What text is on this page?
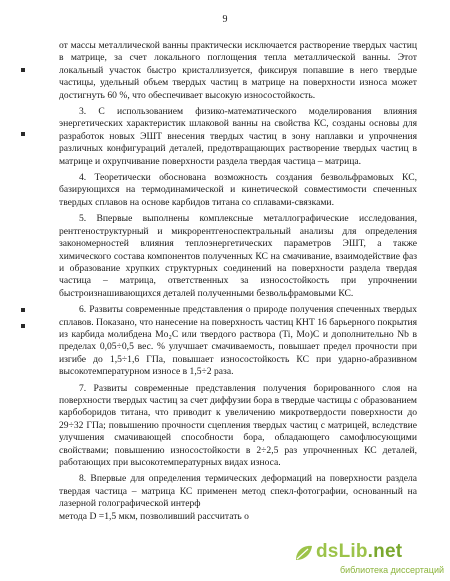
9

от массы металлической ванны практически исключается растворение твердых частиц в матрице, за счет локального поглощения тепла металлической ванны. Этот локальный участок быстро кристаллизуется, фиксируя попавшие в него твердые частицы, удельный объем твердых частиц в матрице на поверхности износа может достигнуть 60 %, что обеспечивает высокую износостойкость.

3. С использованием физико-математического моделирования влияния энергетических характеристик шлаковой ванны на свойства КС, созданы основы для разработок новых ЭШТ внесения твердых частиц в зону наплавки и упрочнения различных конфигураций деталей, предотвращающих растворение твердых частиц в матрице и охрупчивание поверхности раздела твердая частица – матрица.

4. Теоретически обоснована возможность создания безвольфрамовых КС, базирующихся на термодинамической и кинетической совместимости спеченных твердых сплавов на основе карбидов титана со сплавами-связками.

5. Впервые выполнены комплексные металлографические исследования, рентгеноструктурный и микрорентгеноспектральный анализы для определения закономерностей влияния теплоэнергетических параметров ЭШТ, а также химического состава компонентов полученных КС на смачивание, взаимодействие фаз и образование хрупких структурных соединений на поверхности раздела твердая частица – матрица, ответственных за износостойкость при упрочнении быстроизнашивающихся деталей полученными безвольфрамовыми КС.

6. Развиты современные представления о природе получения спеченных твердых сплавов. Показано, что нанесение на поверхность частиц КНТ 16 барьерного покрытия из карбида молибдена Mo₂C или твердого раствора (Ti, Mo)C и дополнительно Nb в пределах 0,05÷0,5 вес. % улучшает смачиваемость, повышает предел прочности при изгибе до 1,5÷1,6 ГПа, повышает износостойкость КС при ударно-абразивном высокотемпературном износе в 1,5÷2 раза.

7. Развиты современные представления получения борированного слоя на поверхности твердых частиц за счет диффузии бора в твердые частицы с образованием карбоборидов титана, что приводит к увеличению микротвердости поверхности до 29÷32 ГПа; повышению прочности сцепления твердых частиц с матрицей, вследствие улучшения смачивающей способности бора, обладающего самофлюсующими свойствами; повышению износостойкости в 2÷2,5 раз упрочненных КС деталей, работающих при высокотемпературных видах износа.

8. Впервые для определения термических деформаций на поверхности раздела твердая частица – матрица КС применен метод спекл-фотографии, основанный на лазерной голографической интерф

метода D =1,5 мкм, позволивший рассчитать о

dsLib.net
библиотека диссертаций
